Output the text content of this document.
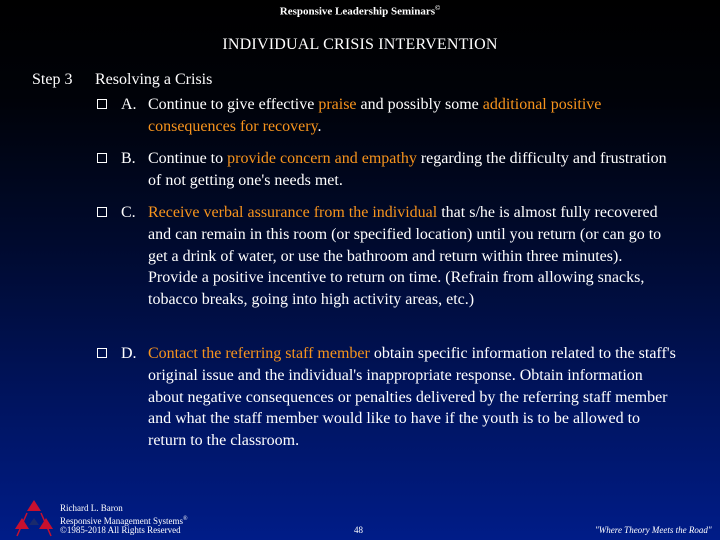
Responsive Leadership Seminars©
INDIVIDUAL CRISIS INTERVENTION
Step 3 Resolving a Crisis
A. Continue to give effective praise and possibly some additional positive consequences for recovery.
B. Continue to provide concern and empathy regarding the difficulty and frustration of not getting one's needs met.
C. Receive verbal assurance from the individual that s/he is almost fully recovered and can remain in this room (or specified location) until you return (or can go to get a drink of water, or use the bathroom and return within three minutes). Provide a positive incentive to return on time. (Refrain from allowing snacks, tobacco breaks, going into high activity areas, etc.)
D. Contact the referring staff member obtain specific information related to the staff's original issue and the individual's inappropriate response. Obtain information about negative consequences or penalties delivered by the referring staff member and what the staff member would like to have if the youth is to be allowed to return to the classroom.
Richard L. Baron
Responsive Management Systems®
©1985-2018 All Rights Reserved	48	"Where Theory Meets the Road"
